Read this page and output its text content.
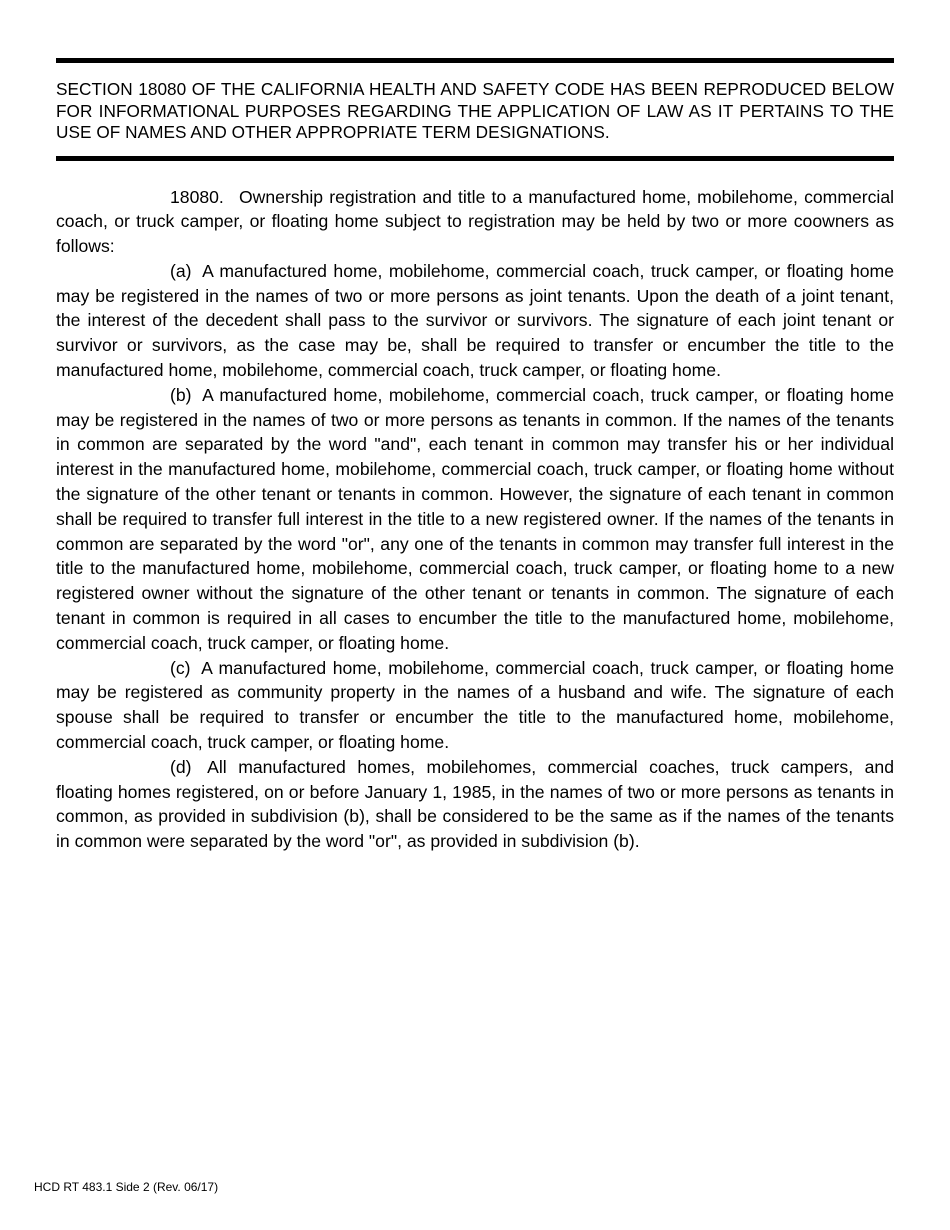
SECTION 18080 OF THE CALIFORNIA HEALTH AND SAFETY CODE HAS BEEN REPRODUCED BELOW FOR INFORMATIONAL PURPOSES REGARDING THE APPLICATION OF LAW AS IT PERTAINS TO THE USE OF NAMES AND OTHER APPROPRIATE TERM DESIGNATIONS.

18080. Ownership registration and title to a manufactured home, mobilehome, commercial coach, or truck camper, or floating home subject to registration may be held by two or more coowners as follows:

(a) A manufactured home, mobilehome, commercial coach, truck camper, or floating home may be registered in the names of two or more persons as joint tenants. Upon the death of a joint tenant, the interest of the decedent shall pass to the survivor or survivors. The signature of each joint tenant or survivor or survivors, as the case may be, shall be required to transfer or encumber the title to the manufactured home, mobilehome, commercial coach, truck camper, or floating home.

(b) A manufactured home, mobilehome, commercial coach, truck camper, or floating home may be registered in the names of two or more persons as tenants in common. If the names of the tenants in common are separated by the word "and", each tenant in common may transfer his or her individual interest in the manufactured home, mobilehome, commercial coach, truck camper, or floating home without the signature of the other tenant or tenants in common. However, the signature of each tenant in common shall be required to transfer full interest in the title to a new registered owner. If the names of the tenants in common are separated by the word "or", any one of the tenants in common may transfer full interest in the title to the manufactured home, mobilehome, commercial coach, truck camper, or floating home to a new registered owner without the signature of the other tenant or tenants in common. The signature of each tenant in common is required in all cases to encumber the title to the manufactured home, mobilehome, commercial coach, truck camper, or floating home.

(c) A manufactured home, mobilehome, commercial coach, truck camper, or floating home may be registered as community property in the names of a husband and wife. The signature of each spouse shall be required to transfer or encumber the title to the manufactured home, mobilehome, commercial coach, truck camper, or floating home.

(d) All manufactured homes, mobilehomes, commercial coaches, truck campers, and floating homes registered, on or before January 1, 1985, in the names of two or more persons as tenants in common, as provided in subdivision (b), shall be considered to be the same as if the names of the tenants in common were separated by the word "or", as provided in subdivision (b).

HCD RT 483.1 Side 2 (Rev. 06/17)
